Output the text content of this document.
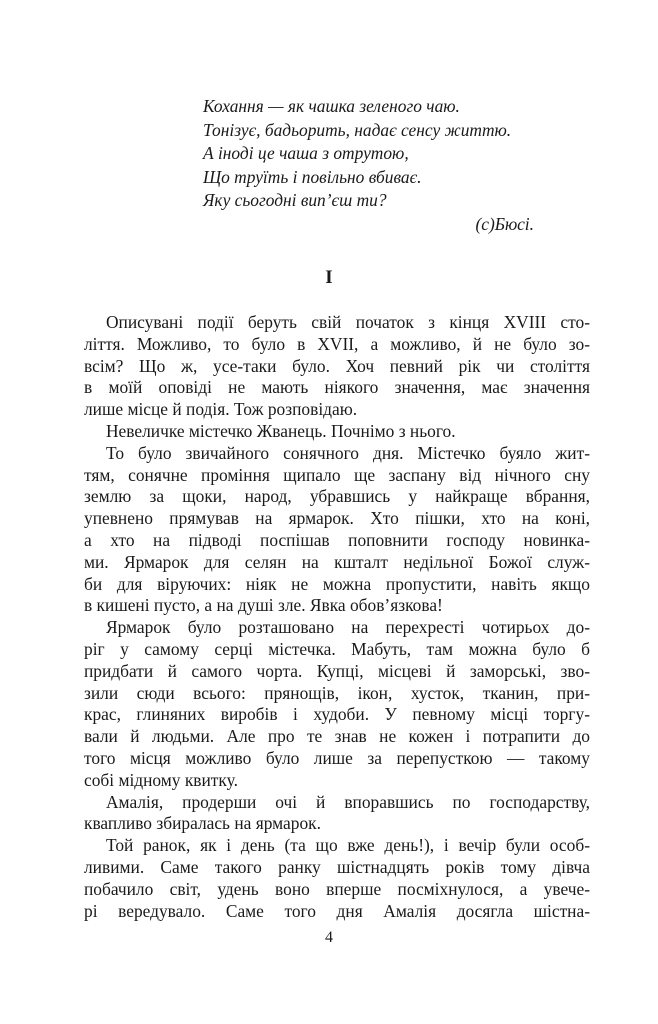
Кохання — як чашка зеленого чаю.
Тонізує, бадьорить, надає сенсу життю.
А іноді це чаша з отрутою,
Що труїть і повільно вбиває.
Яку сьогодні вип’єш ти?
(с)Бюсі.
I
Описувані події беруть свій початок з кінця XVIII сто-
ліття. Можливо, то було в XVII, а можливо, й не було зо-
всім? Що ж, усе-таки було. Хоч певний рік чи століття
в моїй оповіді не мають ніякого значення, має значення
лише місце й подія. Тож розповідаю.
Невеличке містечко Жванець. Почнімо з нього.
То було звичайного сонячного дня. Містечко буяло жит-
тям, сонячне проміння щипало ще заспану від нічного сну
землю за щоки, народ, убравшись у найкраще вбрання,
упевнено прямував на ярмарок. Хто пішки, хто на коні,
а хто на підводі поспішав поповнити господу новинка-
ми. Ярмарок для селян на кшталт недільної Божої служ-
би для віруючих: ніяк не можна пропустити, навіть якщо
в кишені пусто, а на душі зле. Явка обов’язкова!
Ярмарок було розташовано на перехресті чотирьох до-
ріг у самому серці містечка. Мабуть, там можна було б
придбати й самого чорта. Купці, місцеві й заморські, зво-
зили сюди всього: прянощів, ікон, хусток, тканин, при-
крас, глиняних виробів і худоби. У певному місці торгу-
вали й людьми. Але про те знав не кожен і потрапити до
того місця можливо було лише за перепусткою — такому
собі мідному квитку.
Амалія, продерши очі й впоравшись по господарству,
квапливо збиралась на ярмарок.
Той ранок, як і день (та що вже день!), і вечір були особ-
ливими. Саме такого ранку шістнадцять років тому дівча
побачило світ, удень воно вперше посміхнулося, а увече-
рі вередувало. Саме того дня Амалія досягла шістна-
4
